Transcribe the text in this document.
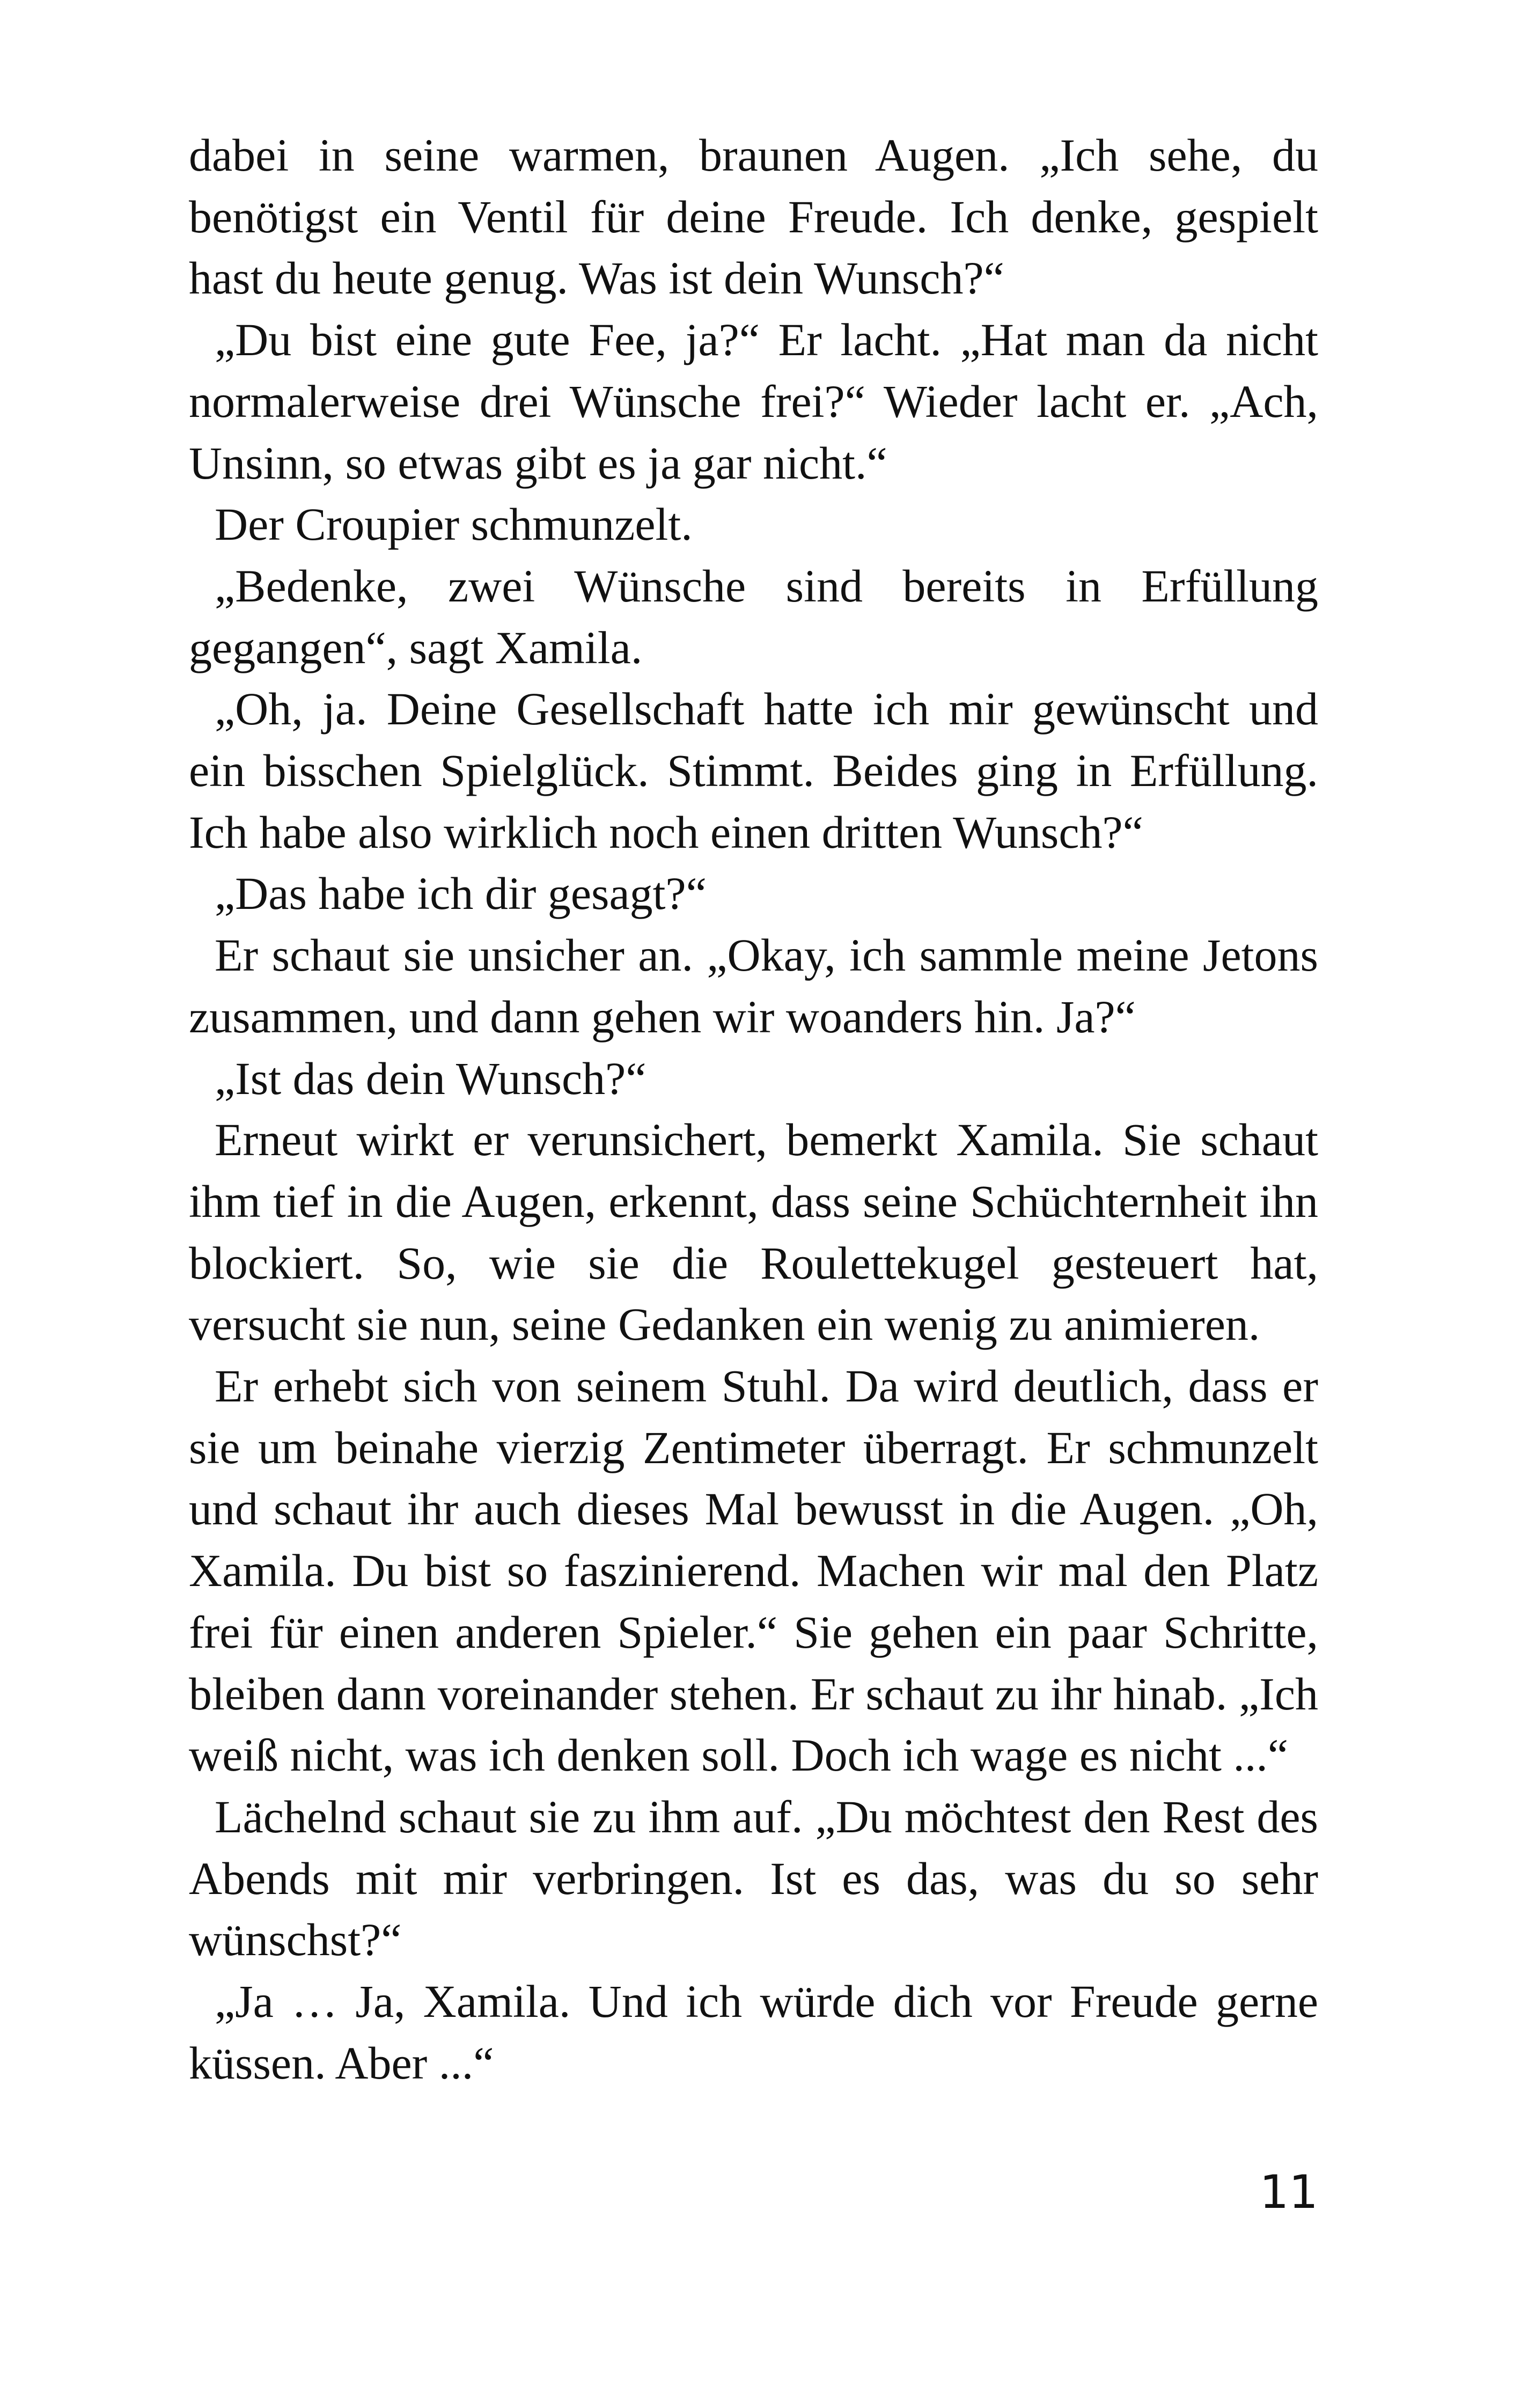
dabei in seine warmen, braunen Augen. „Ich sehe, du benötigst ein Ventil für deine Freude. Ich denke, gespielt hast du heute genug. Was ist dein Wunsch?“

„Du bist eine gute Fee, ja?“ Er lacht. „Hat man da nicht normalerweise drei Wünsche frei?“ Wieder lacht er. „Ach, Unsinn, so etwas gibt es ja gar nicht.“

Der Croupier schmunzelt.

„Bedenke, zwei Wünsche sind bereits in Erfüllung gegangen“, sagt Xamila.

„Oh, ja. Deine Gesellschaft hatte ich mir gewünscht und ein bisschen Spielglück. Stimmt. Beides ging in Erfüllung. Ich habe also wirklich noch einen dritten Wunsch?“

„Das habe ich dir gesagt?“

Er schaut sie unsicher an. „Okay, ich sammle meine Jetons zusammen, und dann gehen wir woanders hin. Ja?“

„Ist das dein Wunsch?“

Erneut wirkt er verunsichert, bemerkt Xamila. Sie schaut ihm tief in die Augen, erkennt, dass seine Schüchternheit ihn blockiert. So, wie sie die Roulettekugel gesteuert hat, versucht sie nun, seine Gedanken ein wenig zu animieren.

Er erhebt sich von seinem Stuhl. Da wird deutlich, dass er sie um beinahe vierzig Zentimeter überragt. Er schmunzelt und schaut ihr auch dieses Mal bewusst in die Augen. „Oh, Xamila. Du bist so faszinierend. Machen wir mal den Platz frei für einen anderen Spieler.“ Sie gehen ein paar Schritte, bleiben dann voreinander stehen. Er schaut zu ihr hinab. „Ich weiß nicht, was ich denken soll. Doch ich wage es nicht ...“

Lächelnd schaut sie zu ihm auf. „Du möchtest den Rest des Abends mit mir verbringen. Ist es das, was du so sehr wünschst?“

„Ja … Ja, Xamila. Und ich würde dich vor Freude gerne küssen. Aber ...“

11
